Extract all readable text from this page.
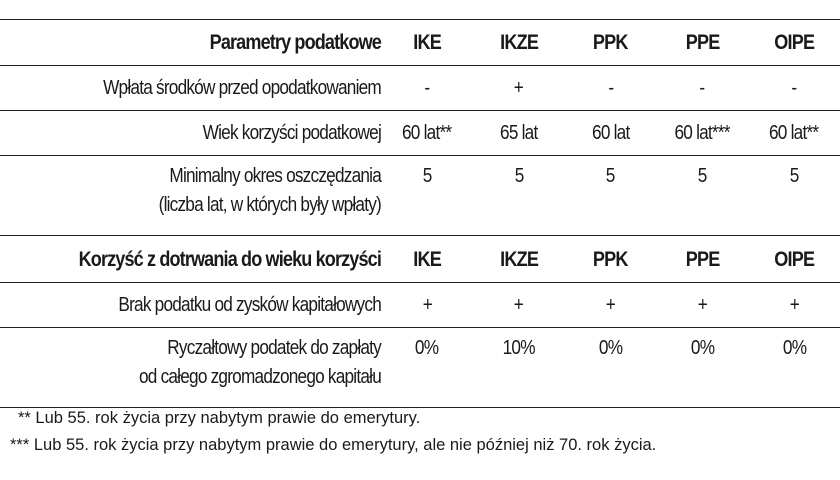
Parametry podatkowe	IKE	IKZE	PPK	PPE	OIPE
Wpłata środków przed opodatkowaniem	-	+	-	-	-
Wiek korzyści podatkowej	60 lat**	65 lat	60 lat	60 lat***	60 lat**
Minimalny okres oszczędzania
(liczba lat, w których były wpłaty)
5	5	5	5	5
Korzyść z dotrwania do wieku korzyści	IKE	IKZE	PPK	PPE	OIPE
Brak podatku od zysków kapitałowych	+	+	+	+	+
Ryczałtowy podatek do zapłaty
od całego zgromadzonego kapitału
0%	10%	0%	0%	0%
** Lub 55. rok życia przy nabytym prawie do emerytury.
*** Lub 55. rok życia przy nabytym prawie do emerytury, ale nie później niż 70. rok życia.
